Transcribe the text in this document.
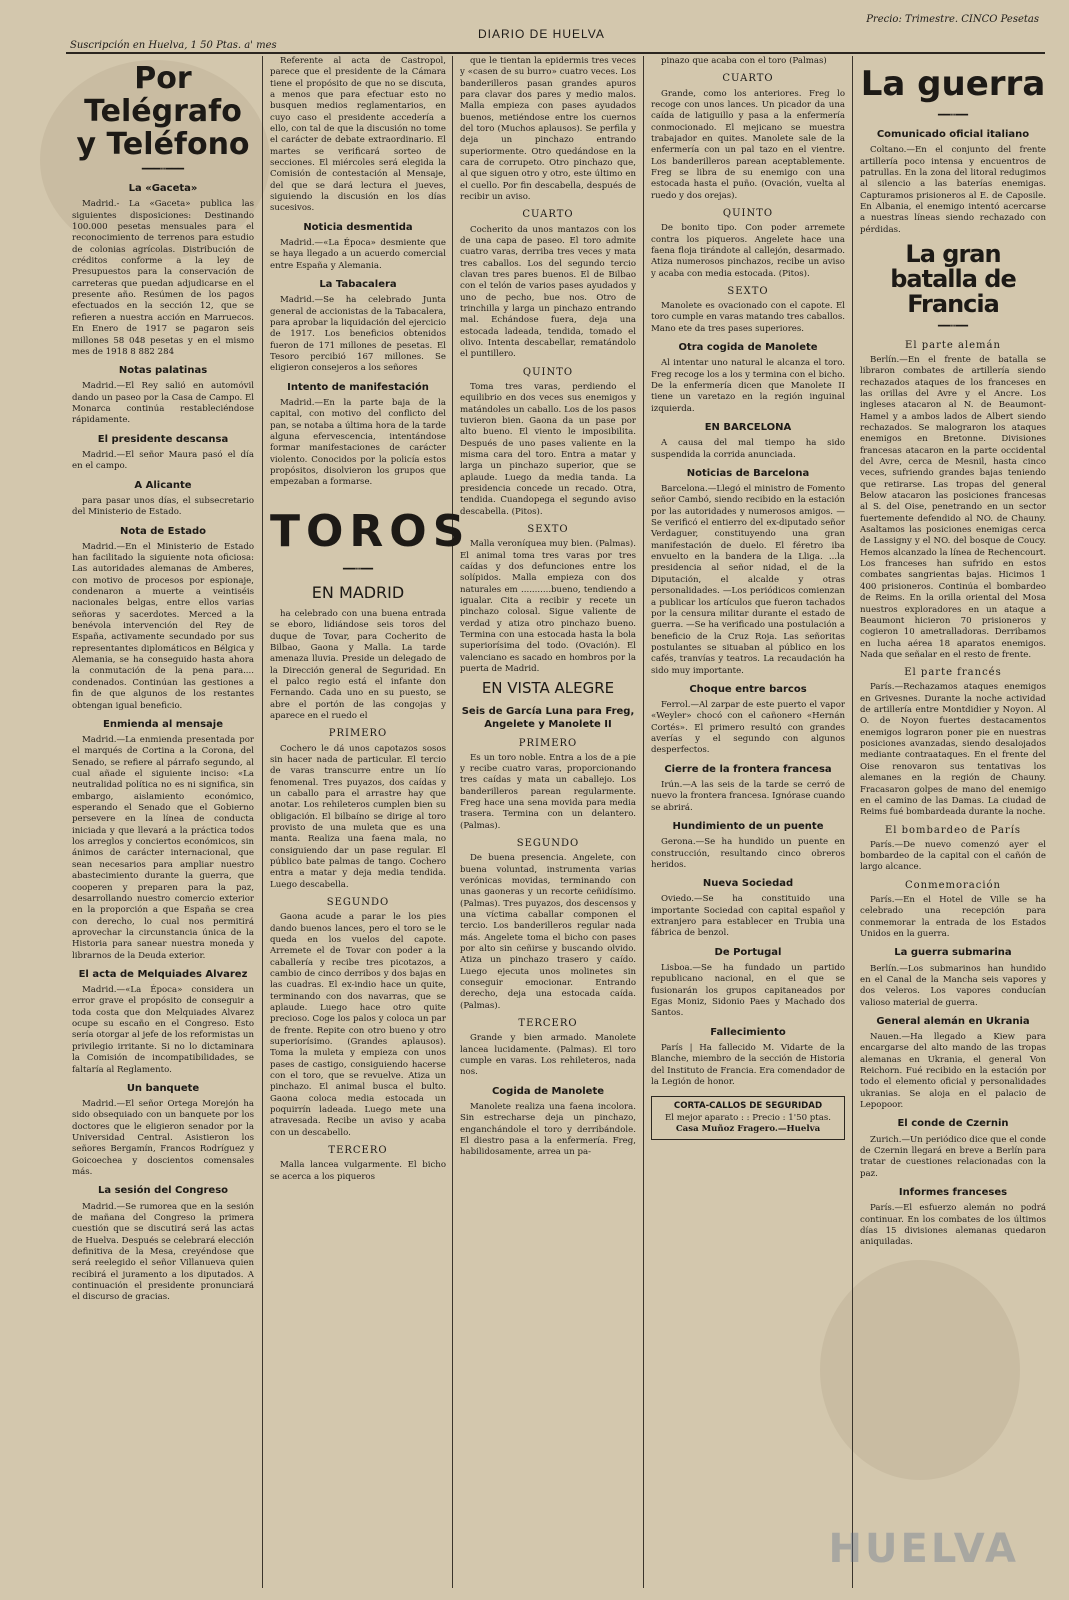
Suscripción en Huelva, 1 50 Ptas. a' mes
DIARIO DE HUELVA
Precio: Trimestre. CINCO Pesetas
Por Telégrafo y Teléfono
━━━┅━━━
La «Gaceta»

Madrid.- La «Gaceta» publica las siguientes disposiciones: Destinando 100.000 pesetas mensuales para el reconocimiento de terrenos para estudio de colonias agrícolas. Distribución de créditos conforme a la ley de Presupuestos para la conservación de carreteras que puedan adjudicarse en el presente año. Resúmen de los pagos efectuados en la sección 12, que se refieren a nuestra acción en Marruecos. En Enero de 1917 se pagaron seis millones 58 048 pesetas y en el mismo mes de 1918 8 882 284

Notas palatinas

Madrid.—El Rey salió en automóvil dando un paseo por la Casa de Campo. El Monarca continúa restableciéndose rápidamente.

El presidente descansa

Madrid.—El señor Maura pasó el día en el campo.

A Alicante

para pasar unos días, el subsecretario del Ministerio de Estado.

Nota de Estado

Madrid.—En el Ministerio de Estado han facilitado la siguiente nota oficiosa: Las autoridades alemanas de Amberes, con motivo de procesos por espionaje, condenaron a muerte a veintiséis nacionales belgas, entre ellos varias señoras y sacerdotes. Merced a la benévola intervención del Rey de España, activamente secundado por sus representantes diplomáticos en Bélgica y Alemania, se ha conseguido hasta ahora la conmutación de la pena para.... condenados. Continúan las gestiones a fin de que algunos de los restantes obtengan igual beneficio.

Enmienda al mensaje

Madrid.—La enmienda presentada por el marqués de Cortina a la Corona, del Senado, se refiere al párrafo segundo, al cual añade el siguiente inciso: «La neutralidad política no es ni significa, sin embargo, aislamiento económico, esperando el Senado que el Gobierno persevere en la línea de conducta iniciada y que llevará a la práctica todos los arreglos y conciertos económicos, sin ánimos de carácter internacional, que sean necesarios para ampliar nuestro abastecimiento durante la guerra, que cooperen y preparen para la paz, desarrollando nuestro comercio exterior en la proporción a que España se crea con derecho, lo cual nos permitirá aprovechar la circunstancia única de la Historia para sanear nuestra moneda y librarnos de la Deuda exterior.

El acta de Melquiades Alvarez

Madrid.—«La Época» considera un error grave el propósito de conseguir a toda costa que don Melquiades Alvarez ocupe su escaño en el Congreso. Esto sería otorgar al jefe de los reformistas un privilegio irritante. Si no lo dictaminara la Comisión de incompatibilidades, se faltaría al Reglamento.

Un banquete

Madrid.—El señor Ortega Morejón ha sido obsequiado con un banquete por los doctores que le eligieron senador por la Universidad Central. Asistieron los señores Bergamín, Francos Rodríguez y Goicoechea y doscientos comensales más.

La sesión del Congreso

Madrid.—Se rumorea que en la sesión de mañana del Congreso la primera cuestión que se discutirá será las actas de Huelva. Después se celebrará elección definitiva de la Mesa, creyéndose que será reelegido el señor Villanueva quien recibirá el juramento a los diputados. A continuación el presidente pronunciará el discurso de gracias.

Referente al acta de Castropol, parece que el presidente de la Cámara tiene el propósito de que no se discuta, a menos que para efectuar esto no busquen medios reglamentarios, en cuyo caso el presidente accedería a ello, con tal de que la discusión no tome el carácter de debate extraordinario. El martes se verificará sorteo de secciones. El miércoles será elegida la Comisión de contestación al Mensaje, del que se dará lectura el jueves, siguiendo la discusión en los días sucesivos.

Noticia desmentida

Madrid.—«La Época» desmiente que se haya llegado a un acuerdo comercial entre España y Alemania.

La Tabacalera

Madrid.—Se ha celebrado Junta general de accionistas de la Tabacalera, para aprobar la liquidación del ejercicio de 1917. Los beneficios obtenidos fueron de 171 millones de pesetas. El Tesoro percibió 167 millones. Se eligieron consejeros a los señores

Intento de manifestación

Madrid.—En la parte baja de la capital, con motivo del conflicto del pan, se notaba a última hora de la tarde alguna efervescencia, intentándose formar manifestaciones de carácter violento. Conocidos por la policía estos propósitos, disolvieron los grupos que empezaban a formarse.

TOROS
━━┅━━
EN MADRID

ha celebrado con una buena entrada se eboro, lidiándose seis toros del duque de Tovar, para Cocherito de Bilbao, Gaona y Malla. La tarde amenaza lluvia. Preside un delegado de la Dirección general de Seguridad. En el palco regio está el infante don Fernando. Cada uno en su puesto, se abre el portón de las congojas y aparece en el ruedo el

PRIMERO

Cochero le dá unos capotazos sosos sin hacer nada de particular. El tercio de varas transcurre entre un lío fenomenal. Tres puyazos, dos caídas y un caballo para el arrastre hay que anotar. Los rehileteros cumplen bien su obligación. El bilbaíno se dirige al toro provisto de una muleta que es una manta. Realiza una faena mala, no consiguiendo dar un pase regular. El público bate palmas de tango. Cochero entra a matar y deja media tendida. Luego descabella.

SEGUNDO

Gaona acude a parar le los pies dando buenos lances, pero el toro se le queda en los vuelos del capote. Arremete el de Tovar con poder a la caballería y recibe tres picotazos, a cambio de cinco derribos y dos bajas en las cuadras. El ex-indio hace un quite, terminando con dos navarras, que se aplaude. Luego hace otro quite precioso. Coge los palos y coloca un par de frente. Repite con otro bueno y otro superiorísimo. (Grandes aplausos). Toma la muleta y empieza con unos pases de castigo, consiguiendo hacerse con el toro, que se revuelve. Atiza un pinchazo. El animal busca el bulto. Gaona coloca media estocada un poquirrín ladeada. Luego mete una atravesada. Recibe un aviso y acaba con un descabello.

TERCERO

Malla lancea vulgarmente. El bicho se acerca a los piqueros

que le tientan la epidermis tres veces y «casen de su burro» cuatro veces. Los banderilleros pasan grandes apuros para clavar dos pares y medio malos. Malla empieza con pases ayudados buenos, metiéndose entre los cuernos del toro (Muchos aplausos). Se perfila y deja un pinchazo entrando superiormente. Otro quedándose en la cara de corrupeto. Otro pinchazo que, al que siguen otro y otro, este último en el cuello. Por fin descabella, después de recibir un aviso.

CUARTO

Cocherito da unos mantazos con los de una capa de paseo. El toro admite cuatro varas, derriba tres veces y mata tres caballos. Los del segundo tercio clavan tres pares buenos. El de Bilbao con el telón de varios pases ayudados y uno de pecho, bue nos. Otro de trinchilla y larga un pinchazo entrando mal. Echándose fuera, deja una estocada ladeada, tendida, tomado el olivo. Intenta descabellar, rematándolo el puntillero.

QUINTO

Toma tres varas, perdiendo el equilibrio en dos veces sus enemigos y matándoles un caballo. Los de los pasos tuvieron bien. Gaona da un pase por alto bueno. El viento le imposibilita. Después de uno pases valiente en la misma cara del toro. Entra a matar y larga un pinchazo superior, que se aplaude. Luego da media tanda. La presidencia concede un recado. Otra, tendida. Cuandopega el segundo aviso descabella. (Pitos).

SEXTO

Malla veroníquea muy bien. (Palmas). El animal toma tres varas por tres caídas y dos defunciones entre los solípidos. Malla empieza con dos naturales em ...........bueno, tendiendo a igualar. Cita a recibir y recete un pinchazo colosal. Sigue valiente de verdad y atiza otro pinchazo bueno. Termina con una estocada hasta la bola superiorísima del todo. (Ovación). El valenciano es sacado en hombros por la puerta de Madrid.

EN VISTA ALEGRE
Seis de García Luna para Freg, Angelete y Manolete II
PRIMERO

Es un toro noble. Entra a los de a pie y recibe cuatro varas, proporcionando tres caídas y mata un caballejo. Los banderilleros parean regularmente. Freg hace una sena movida para media trasera. Termina con un delantero. (Palmas).

SEGUNDO

De buena presencia. Angelete, con buena voluntad, instrumenta varias verónicas movidas, terminando con unas gaoneras y un recorte ceñidísimo. (Palmas). Tres puyazos, dos descensos y una víctima caballar componen el tercio. Los banderilleros regular nada más. Angelete toma el bicho con pases por alto sin ceñirse y buscando olvido. Atiza un pinchazo trasero y caído. Luego ejecuta unos molinetes sin conseguir emocionar. Entrando derecho, deja una estocada caída. (Palmas).

TERCERO

Grande y bien armado. Manolete lancea lucidamente. (Palmas). El toro cumple en varas. Los rehileteros, nada nos.

Cogida de Manolete

Manolete realiza una faena incolora. Sin estrecharse deja un pinchazo, enganchándole el toro y derribándole. El diestro pasa a la enfermería. Freg, habilidosamente, arrea un pa-

pinazo que acaba con el toro (Palmas)

CUARTO

Grande, como los anteriores. Freg lo recoge con unos lances. Un picador da una caída de latiguillo y pasa a la enfermería conmocionado. El mejicano se muestra trabajador en quites. Manolete sale de la enfermería con un pal tazo en el vientre. Los banderilleros parean aceptablemente. Freg se libra de su enemigo con una estocada hasta el puño. (Ovación, vuelta al ruedo y dos orejas).

QUINTO

De bonito tipo. Con poder arremete contra los piqueros. Angelete hace una faena floja tirándote al callejón, desarmado. Atiza numerosos pinchazos, recibe un aviso y acaba con media estocada. (Pitos).

SEXTO

Manolete es ovacionado con el capote. El toro cumple en varas matando tres caballos. Mano ete da tres pases superiores.

Otra cogida de Manolete

Al intentar uno natural le alcanza el toro. Freg recoge los a los y termina con el bicho. De la enfermería dicen que Manolete II tiene un varetazo en la región inguinal izquierda.

EN BARCELONA

A causa del mal tiempo ha sido suspendida la corrida anunciada.

Noticias de Barcelona

Barcelona.—Llegó el ministro de Fomento señor Cambó, siendo recibido en la estación por las autoridades y numerosos amigos. —Se verificó el entierro del ex-diputado señor Verdaguer, constituyendo una gran manifestación de duelo. El féretro iba envuelto en la bandera de la Lliga. ...la presidencia al señor nidad, el de la Diputación, el alcalde y otras personalidades. —Los periódicos comienzan a publicar los artículos que fueron tachados por la censura militar durante el estado de guerra. —Se ha verificado una postulación a beneficio de la Cruz Roja. Las señoritas postulantes se situaban al público en los cafés, tranvías y teatros. La recaudación ha sido muy importante.

Choque entre barcos

Ferrol.—Al zarpar de este puerto el vapor «Weyler» chocó con el cañonero «Hernán Cortés». El primero resultó con grandes averías y el segundo con algunos desperfectos.

Cierre de la frontera francesa

Irún.—A las seis de la tarde se cerró de nuevo la frontera francesa. Ignórase cuando se abrirá.

Hundimiento de un puente

Gerona.—Se ha hundido un puente en construcción, resultando cinco obreros heridos.

Nueva Sociedad

Oviedo.—Se ha constituido una importante Sociedad con capital español y extranjero para establecer en Trubia una fábrica de benzol.

De Portugal

Lisboa.—Se ha fundado un partido republicano nacional, en el que se fusionarán los grupos capitaneados por Egas Moniz, Sidonio Paes y Machado dos Santos.

Fallecimiento

París | Ha fallecido M. Vidarte de la Blanche, miembro de la sección de Historia del Instituto de Francia. Era comendador de la Legión de honor.

CORTA-CALLOS DE SEGURIDAD
El mejor aparato : : Precio : 1'50 ptas.
Casa Muñoz Fragero.—Huelva
La guerra
━━┅━━
Comunicado oficial italiano

Coltano.—En el conjunto del frente artillería poco intensa y encuentros de patrullas. En la zona del litoral redugimos al silencio a las baterías enemigas. Capturamos prisioneros al E. de Caposile. En Albania, el enemigo intentó acercarse a nuestras líneas siendo rechazado con pérdidas.

La gran batalla de Francia
━━┅━━
El parte alemán

Berlín.—En el frente de batalla se libraron combates de artillería siendo rechazados ataques de los franceses en las orillas del Avre y el Ancre. Los ingleses atacaron al N. de Beaumont-Hamel y a ambos lados de Albert siendo rechazados. Se malograron los ataques enemigos en Bretonne. Divisiones francesas atacaron en la parte occidental del Avre, cerca de Mesnil, hasta cinco veces, sufriendo grandes bajas teniendo que retirarse. Las tropas del general Below atacaron las posiciones francesas al S. del Oise, penetrando en un sector fuertemente defendido al NO. de Chauny. Asaltamos las posiciones enemigas cerca de Lassigny y el NO. del bosque de Coucy. Hemos alcanzado la línea de Rechencourt. Los franceses han sufrido en estos combates sangrientas bajas. Hicimos 1 400 prisioneros. Continúa el bombardeo de Reims. En la orilla oriental del Mosa nuestros exploradores en un ataque a Beaumont hicieron 70 prisioneros y cogieron 10 ametralladoras. Derribamos en lucha aérea 18 aparatos enemigos. Nada que señalar en el resto de frente.

El parte francés

París.—Rechazamos ataques enemigos en Grivesnes. Durante la noche actividad de artillería entre Montdidier y Noyon. Al O. de Noyon fuertes destacamentos enemigos lograron poner pie en nuestras posiciones avanzadas, siendo desalojados mediante contraataques. En el frente del Oise renovaron sus tentativas los alemanes en la región de Chauny. Fracasaron golpes de mano del enemigo en el camino de las Damas. La ciudad de Reims fué bombardeada durante la noche.

El bombardeo de París

París.—De nuevo comenzó ayer el bombardeo de la capital con el cañón de largo alcance.

Conmemoración

París.—En el Hotel de Ville se ha celebrado una recepción para conmemorar la entrada de los Estados Unidos en la guerra.

La guerra submarina

Berlín.—Los submarinos han hundido en el Canal de la Mancha seis vapores y dos veleros. Los vapores conducían valioso material de guerra.

General alemán en Ukrania

Nauen.—Ha llegado a Kiew para encargarse del alto mando de las tropas alemanas en Ukrania, el general Von Reichorn. Fué recibido en la estación por todo el elemento oficial y personalidades ukranias. Se aloja en el palacio de Lepopoor.

El conde de Czernin

Zurich.—Un periódico dice que el conde de Czernin llegará en breve a Berlín para tratar de cuestiones relacionadas con la paz.

Informes franceses

París.—El esfuerzo alemán no podrá continuar. En los combates de los últimos días 15 divisiones alemanas quedaron aniquiladas.

HUELVA
